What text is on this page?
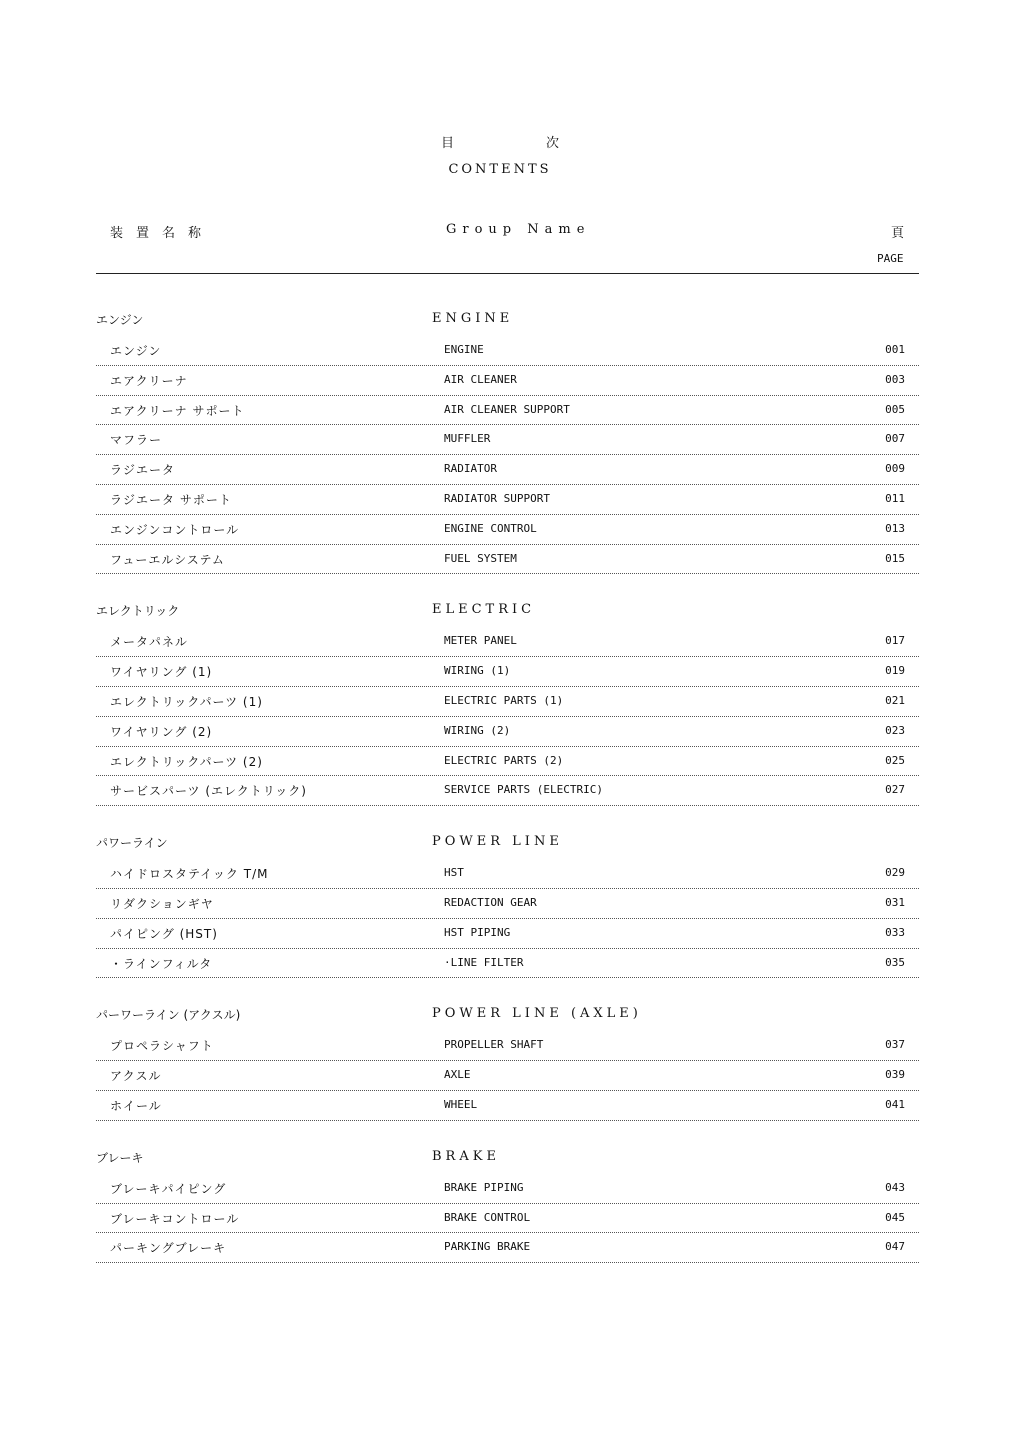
目次
CONTENTS
装置名称	Group Name	頁
PAGE
エンジン	ENGINE
エンジン	ENGINE	001
エアクリーナ	AIR CLEANER	003
エアクリーナ サポート	AIR CLEANER SUPPORT	005
マフラー	MUFFLER	007
ラジエータ	RADIATOR	009
ラジエータ サポート	RADIATOR SUPPORT	011
エンジンコントロール	ENGINE CONTROL	013
フューエルシステム	FUEL SYSTEM	015
エレクトリック	ELECTRIC
メータパネル	METER PANEL	017
ワイヤリング (1)	WIRING (1)	019
エレクトリックパーツ (1)	ELECTRIC PARTS (1)	021
ワイヤリング (2)	WIRING (2)	023
エレクトリックパーツ (2)	ELECTRIC PARTS (2)	025
サービスパーツ (エレクトリック)	SERVICE PARTS (ELECTRIC)	027
パワーライン	POWER LINE
ハイドロスタテイック T/M	HST	029
リダクションギヤ	REDACTION GEAR	031
パイピング (HST)	HST PIPING	033
・ラインフィルタ	·LINE FILTER	035
パーワーライン (アクスル)	POWER LINE (AXLE)
プロペラシャフト	PROPELLER SHAFT	037
アクスル	AXLE	039
ホイール	WHEEL	041
ブレーキ	BRAKE
ブレーキパイピング	BRAKE PIPING	043
ブレーキコントロール	BRAKE CONTROL	045
パーキングブレーキ	PARKING BRAKE	047
